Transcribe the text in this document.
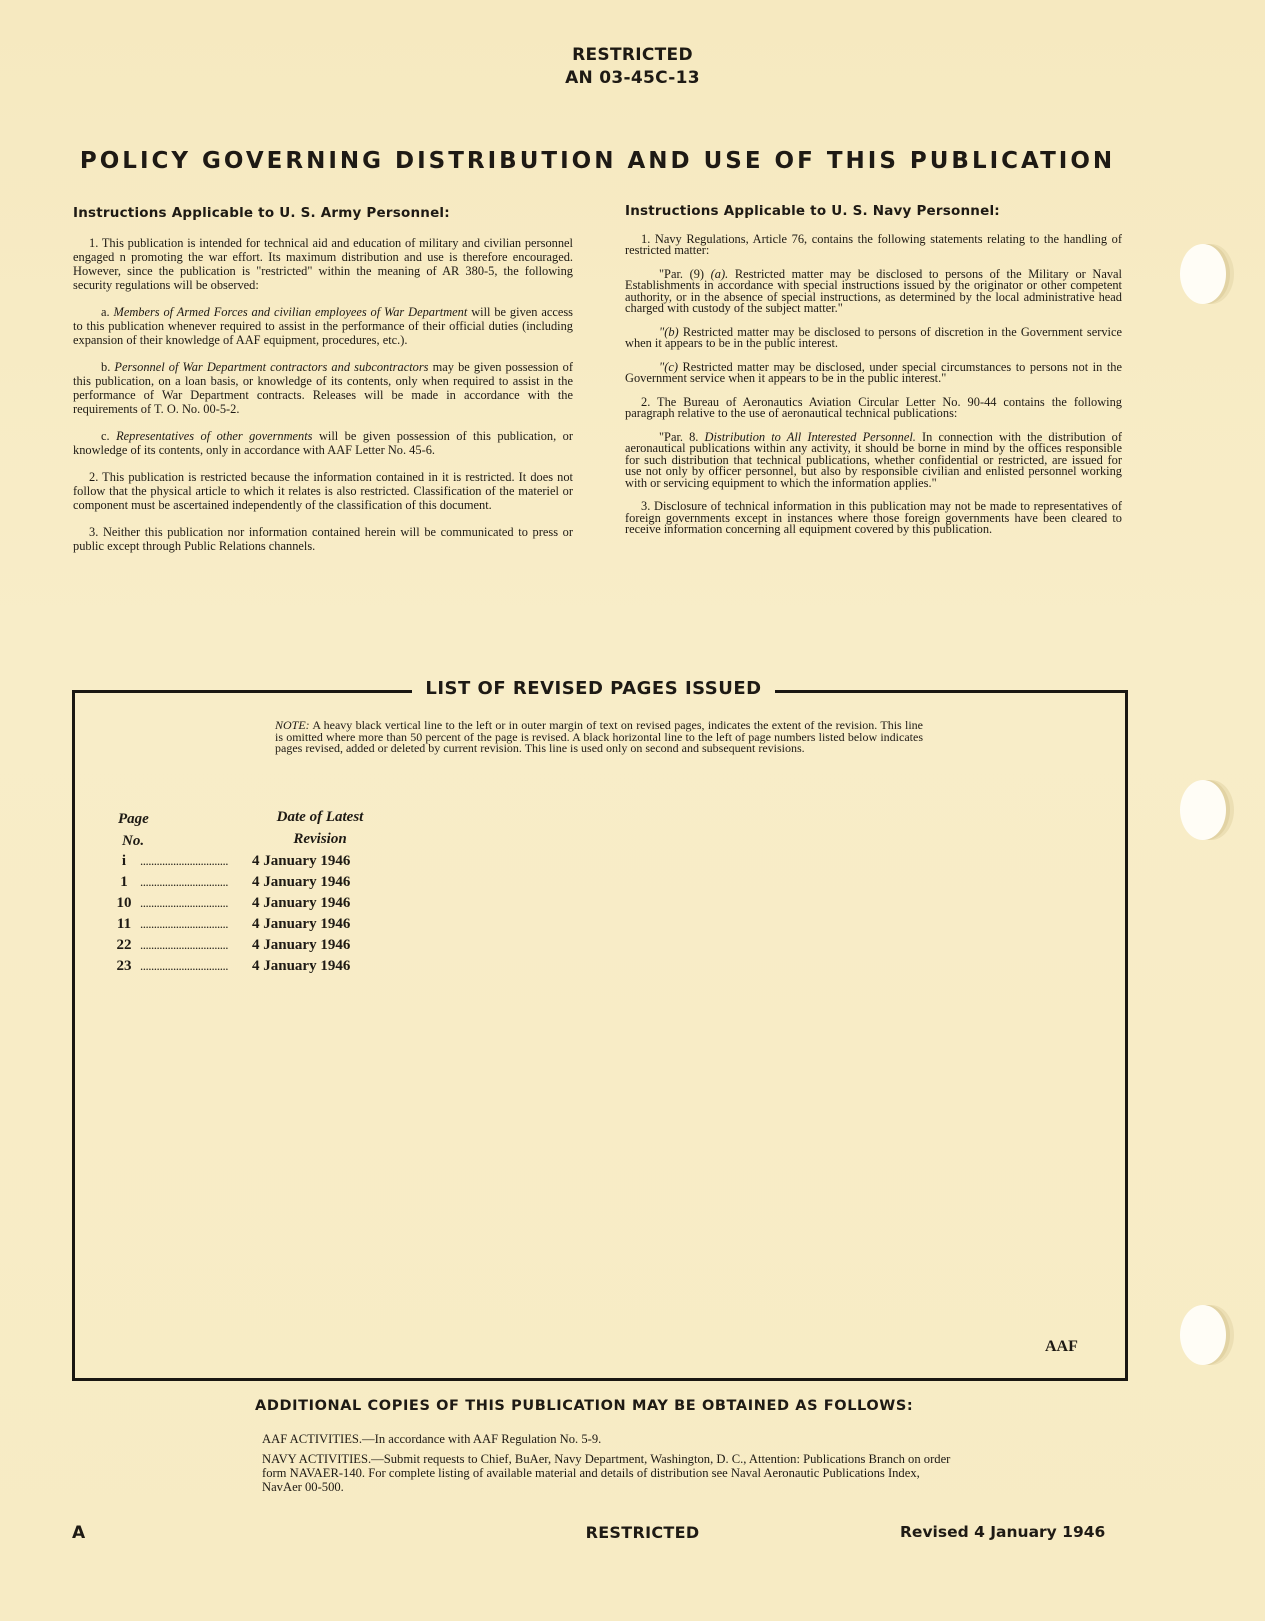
RESTRICTED
AN 03-45C-13
POLICY GOVERNING DISTRIBUTION AND USE OF THIS PUBLICATION
Instructions Applicable to U. S. Army Personnel:

1. This publication is intended for technical aid and education of military and civilian personnel engaged n promoting the war effort. Its maximum distribution and use is therefore encouraged. However, since the publication is "restricted" within the meaning of AR 380-5, the following security regulations will be observed:

a. Members of Armed Forces and civilian employees of War Department will be given access to this publication whenever required to assist in the performance of their official duties (including expansion of their knowledge of AAF equipment, procedures, etc.).

b. Personnel of War Department contractors and subcontractors may be given possession of this publication, on a loan basis, or knowledge of its contents, only when required to assist in the performance of War Department contracts. Releases will be made in accordance with the requirements of T. O. No. 00-5-2.

c. Representatives of other governments will be given possession of this publication, or knowledge of its contents, only in accordance with AAF Letter No. 45-6.

2. This publication is restricted because the information contained in it is restricted. It does not follow that the physical article to which it relates is also restricted. Classification of the materiel or component must be ascertained independently of the classification of this document.

3. Neither this publication nor information contained herein will be communicated to press or public except through Public Relations channels.

Instructions Applicable to U. S. Navy Personnel:

1. Navy Regulations, Article 76, contains the following statements relating to the handling of restricted matter:

"Par. (9) (a). Restricted matter may be disclosed to persons of the Military or Naval Establishments in accordance with special instructions issued by the originator or other competent authority, or in the absence of special instructions, as determined by the local administrative head charged with custody of the subject matter."

"(b) Restricted matter may be disclosed to persons of discretion in the Government service when it appears to be in the public interest.

"(c) Restricted matter may be disclosed, under special circumstances to persons not in the Government service when it appears to be in the public interest."

2. The Bureau of Aeronautics Aviation Circular Letter No. 90-44 contains the following paragraph relative to the use of aeronautical technical publications:

"Par. 8. Distribution to All Interested Personnel. In connection with the distribution of aeronautical publications within any activity, it should be borne in mind by the offices responsible for such distribution that technical publications, whether confidential or restricted, are issued for use not only by officer personnel, but also by responsible civilian and enlisted personnel working with or servicing equipment to which the information applies."

3. Disclosure of technical information in this publication may not be made to representatives of foreign governments except in instances where those foreign governments have been cleared to receive information concerning all equipment covered by this publication.

LIST OF REVISED PAGES ISSUED
NOTE: A heavy black vertical line to the left or in outer margin of text on revised pages, indicates the extent of the revision. This line is omitted where more than 50 percent of the page is revised. A black horizontal line to the left of page numbers listed below indicates pages revised, added or deleted by current revision. This line is used only on second and subsequent revisions.
Page
No.
Date of Latest
Revision
i	................................	4 January 1946
1 ................................	4 January 1946
10 ................................	4 January 1946
11 ................................	4 January 1946
22 ................................	4 January 1946
23 ................................	4 January 1946
AAF
ADDITIONAL COPIES OF THIS PUBLICATION MAY BE OBTAINED AS FOLLOWS:
AAF ACTIVITIES.—In accordance with AAF Regulation No. 5-9.
NAVY ACTIVITIES.—Submit requests to Chief, BuAer, Navy Department, Washington, D. C., Attention: Publications Branch on order form NAVAER-140. For complete listing of available material and details of distribution see Naval Aeronautic Publications Index, NavAer 00-500.
A	RESTRICTED	Revised 4 January 1946
